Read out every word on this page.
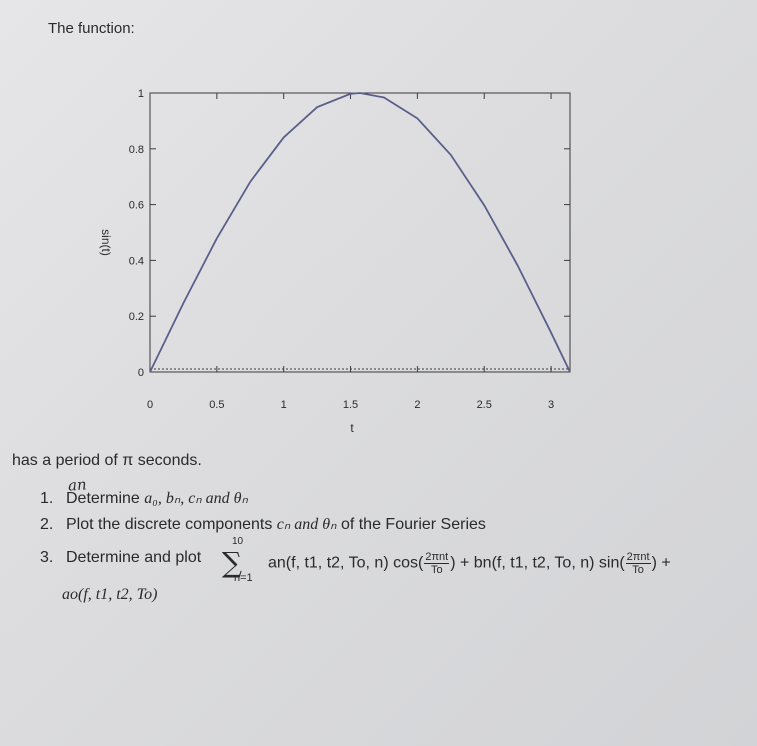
The function:
0	0.5	1	1.5	2	2.5	3
0
0.2
0.4
0.6
0.8
1
t
sin(t)
has a period of π seconds.
an
1. Determine a₀, bₙ, cₙ and θₙ
2. Plot the discrete components cₙ and θₙ of the Fourier Series
3. Determine and plot
10
∑
n=1
an(f, t1, t2, To, n) $\cos( \frac{\text{2πnt}}{To}$ ) + bn(f, t1, t2, To, n) $\sin( \frac{\text{2πnt}}{To}$ ) +
ao(f, t1, t2, To)
